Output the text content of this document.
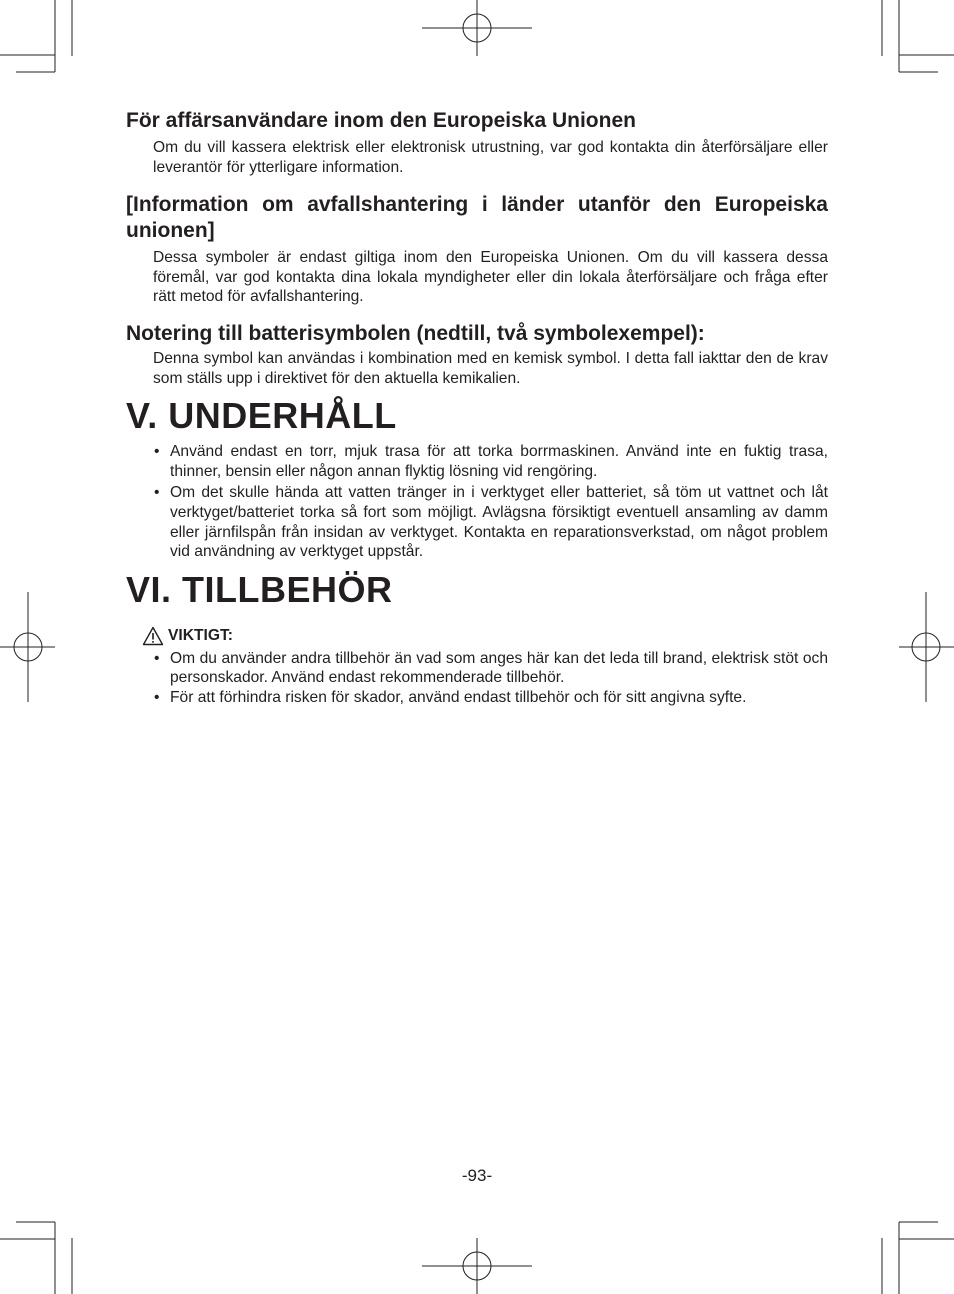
För affärsanvändare inom den Europeiska Unionen

Om du vill kassera elektrisk eller elektronisk utrustning, var god kontakta din återförsäljare eller leverantör för ytterligare information.

[Information om avfallshantering i länder utanför den Europeiska unionen]

Dessa symboler är endast giltiga inom den Europeiska Unionen. Om du vill kassera dessa föremål, var god kontakta dina lokala myndigheter eller din lokala återförsäljare och fråga efter rätt metod för avfallshantering.

Notering till batterisymbolen (nedtill, två symbolexempel):

Denna symbol kan användas i kombination med en kemisk symbol. I detta fall iakttar den de krav som ställs upp i direktivet för den aktuella kemikalien.

V. UNDERHÅLL
• Använd endast en torr, mjuk trasa för att torka borrmaskinen. Använd inte en fuktig trasa, thinner, bensin eller någon annan flyktig lösning vid rengöring.
• Om det skulle hända att vatten tränger in i verktyget eller batteriet, så töm ut vattnet och låt verktyget/batteriet torka så fort som möjligt. Avlägsna försiktigt eventuell ansamling av damm eller järnfilspån från insidan av verktyget. Kontakta en reparationsverkstad, om något problem vid användning av verktyget uppstår.
VI. TILLBEHÖR
VIKTIGT:
• Om du använder andra tillbehör än vad som anges här kan det leda till brand, elektrisk stöt och personskador. Använd endast rekommenderade tillbehör.
• För att förhindra risken för skador, använd endast tillbehör och för sitt angivna syfte.
-93-
